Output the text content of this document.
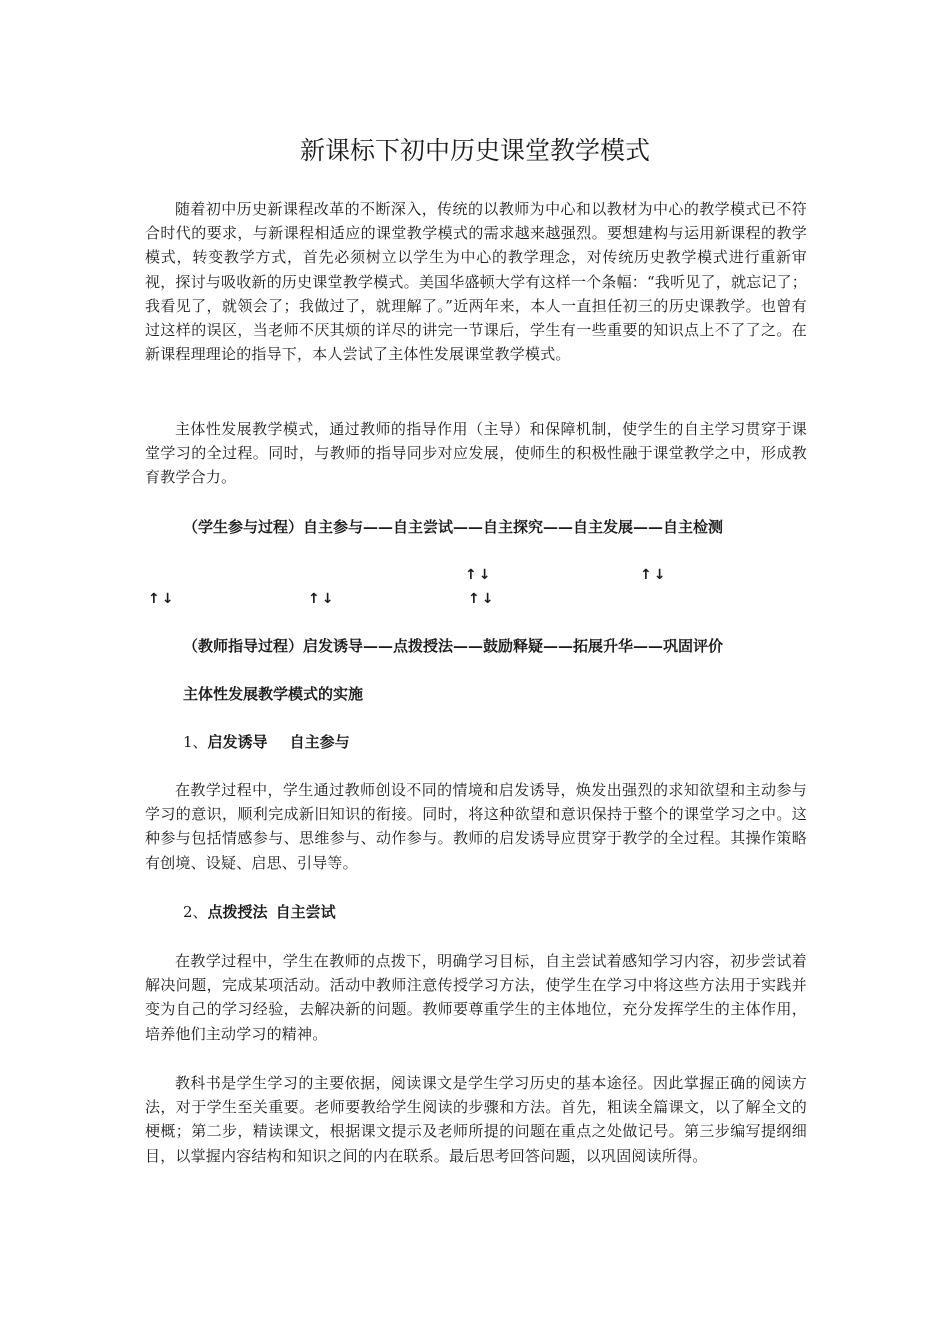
新课标下初中历史课堂教学模式

随着初中历史新课程改革的不断深入，传统的以教师为中心和以教材为中心的教学模式已不符合时代的要求，与新课程相适应的课堂教学模式的需求越来越强烈。要想建构与运用新课程的教学模式，转变教学方式，首先必须树立以学生为中心的教学理念，对传统历史教学模式进行重新审视，探讨与吸收新的历史课堂教学模式。美国华盛顿大学有这样一个条幅：“我听见了，就忘记了；我看见了，就领会了；我做过了，就理解了。”近两年来，本人一直担任初三的历史课教学。也曾有过这样的误区，当老师不厌其烦的详尽的讲完一节课后，学生有一些重要的知识点上不了了之。在新课程理理论的指导下，本人尝试了主体性发展课堂教学模式。

主体性发展教学模式，通过教师的指导作用（主导）和保障机制，使学生的自主学习贯穿于课堂学习的全过程。同时，与教师的指导同步对应发展，使师生的积极性融于课堂教学之中，形成教育教学合力。

（学生参与过程）自主参与——自主尝试——自主探究——自主发展——自主检测

↑↓	↑↓
↑↓	↑↓	↑↓

（教师指导过程）启发诱导——点拨授法——鼓励释疑——拓展升华——巩固评价

主体性发展教学模式的实施

1、启发诱导 自主参与

在教学过程中，学生通过教师创设不同的情境和启发诱导，焕发出强烈的求知欲望和主动参与学习的意识，顺利完成新旧知识的衔接。同时，将这种欲望和意识保持于整个的课堂学习之中。这种参与包括情感参与、思维参与、动作参与。教师的启发诱导应贯穿于教学的全过程。其操作策略有创境、设疑、启思、引导等。

2、点拨授法 自主尝试

在教学过程中，学生在教师的点拨下，明确学习目标，自主尝试着感知学习内容，初步尝试着解决问题，完成某项活动。活动中教师注意传授学习方法，使学生在学习中将这些方法用于实践并变为自己的学习经验，去解决新的问题。教师要尊重学生的主体地位，充分发挥学生的主体作用，培养他们主动学习的精神。

教科书是学生学习的主要依据，阅读课文是学生学习历史的基本途径。因此掌握正确的阅读方法，对于学生至关重要。老师要教给学生阅读的步骤和方法。首先，粗读全篇课文，以了解全文的梗概；第二步，精读课文，根据课文提示及老师所提的问题在重点之处做记号。第三步编写提纲细目，以掌握内容结构和知识之间的内在联系。最后思考回答问题，以巩固阅读所得。
